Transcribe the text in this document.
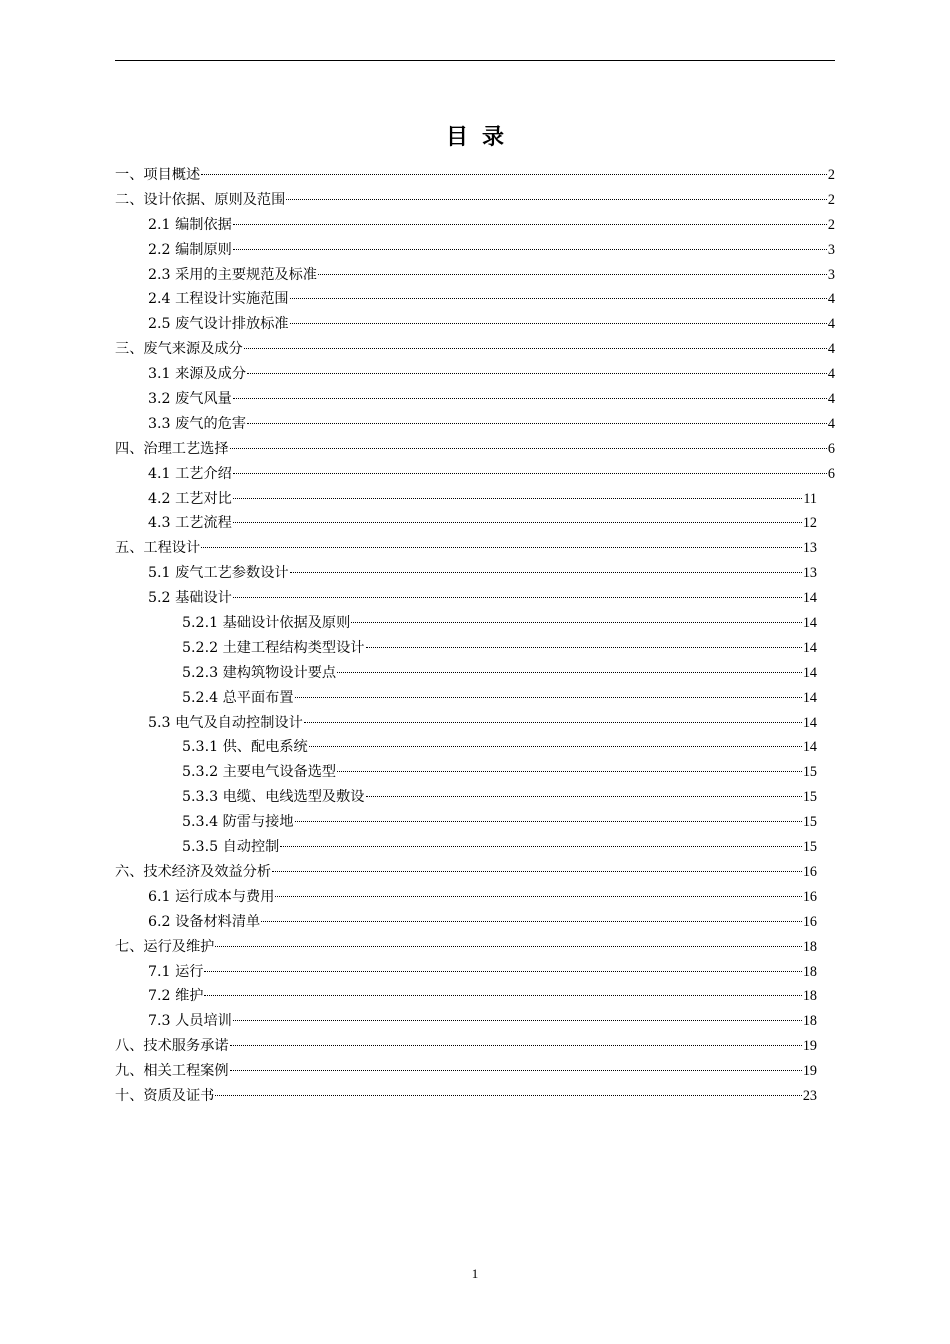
目录
一、项目概述	2
二、设计依据、原则及范围	2
2.1 编制依据	2
2.2 编制原则	3
2.3 采用的主要规范及标准	3
2.4 工程设计实施范围	4
2.5 废气设计排放标准	4
三、废气来源及成分	4
3.1 来源及成分	4
3.2 废气风量	4
3.3 废气的危害	4
四、治理工艺选择	6
4.1 工艺介绍	6
4.2 工艺对比	11
4.3 工艺流程	12
五、工程设计	13
5.1 废气工艺参数设计	13
5.2 基础设计	14
5.2.1 基础设计依据及原则	14
5.2.2 土建工程结构类型设计	14
5.2.3 建构筑物设计要点	14
5.2.4 总平面布置	14
5.3 电气及自动控制设计	14
5.3.1 供、配电系统	14
5.3.2 主要电气设备选型	15
5.3.3 电缆、电线选型及敷设	15
5.3.4 防雷与接地	15
5.3.5 自动控制	15
六、技术经济及效益分析	16
6.1 运行成本与费用	16
6.2 设备材料清单	16
七、运行及维护	18
7.1 运行	18
7.2 维护	18
7.3 人员培训	18
八、技术服务承诺	19
九、相关工程案例	19
十、资质及证书	23
1
